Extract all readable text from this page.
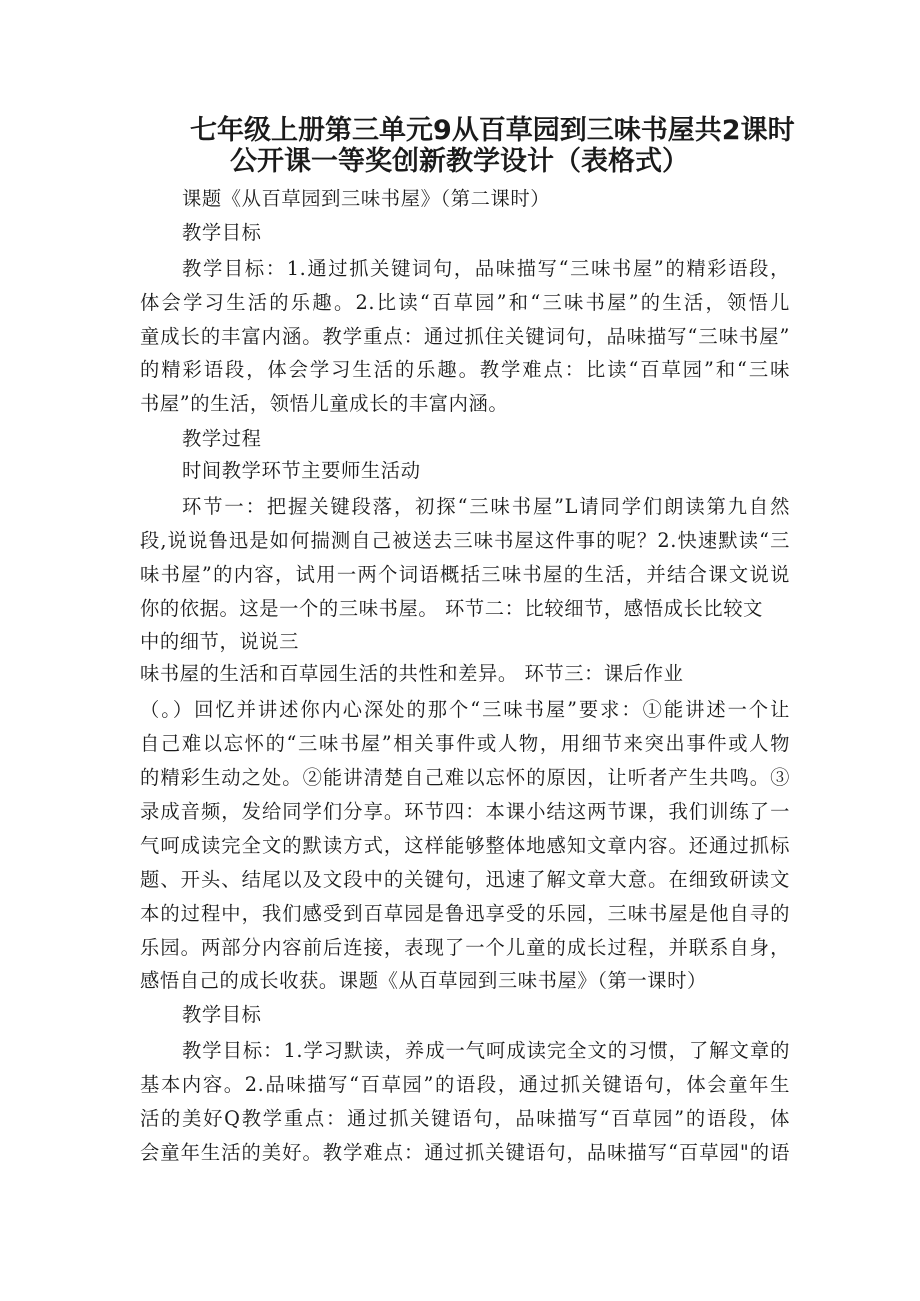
七年级上册第三单元9从百草园到三味书屋共2课时
公开课一等奖创新教学设计（表格式）
课题《从百草园到三味书屋》（第二课时）
教学目标
教学目标：1.通过抓关键词句，品味描写“三味书屋”的精彩语段，
体会学习生活的乐趣。2.比读“百草园”和“三味书屋”的生活，领悟儿
童成长的丰富内涵。教学重点：通过抓住关键词句，品味描写“三味书屋”
的精彩语段，体会学习生活的乐趣。教学难点：比读“百草园”和“三味
书屋”的生活，领悟儿童成长的丰富内涵。
教学过程
时间教学环节主要师生活动
环节一：把握关键段落，初探“三味书屋”L请同学们朗读第九自然
段,说说鲁迅是如何揣测自己被送去三味书屋这件事的呢？2.快速默读“三
味书屋”的内容，试用一两个词语概括三味书屋的生活，并结合课文说说
你的依据。这是一个的三味书屋。 环节二：比较细节，感悟成长比较文
中的细节，说说三
味书屋的生活和百草园生活的共性和差异。 环节三：课后作业
（。）回忆并讲述你内心深处的那个“三味书屋”要求：①能讲述一个让
自己难以忘怀的“三味书屋”相关事件或人物，用细节来突出事件或人物
的精彩生动之处。②能讲清楚自己难以忘怀的原因，让听者产生共鸣。③
录成音频，发给同学们分享。环节四：本课小结这两节课，我们训练了一
气呵成读完全文的默读方式，这样能够整体地感知文章内容。还通过抓标
题、开头、结尾以及文段中的关键句，迅速了解文章大意。在细致研读文
本的过程中，我们感受到百草园是鲁迅享受的乐园，三味书屋是他自寻的
乐园。两部分内容前后连接，表现了一个儿童的成长过程，并联系自身，
感悟自己的成长收获。课题《从百草园到三味书屋》（第一课时）
教学目标
教学目标：1.学习默读，养成一气呵成读完全文的习惯，了解文章的
基本内容。2.品味描写“百草园”的语段，通过抓关键语句，体会童年生
活的美好Q教学重点：通过抓关键语句，品味描写“百草园”的语段，体
会童年生活的美好。教学难点：通过抓关键语句，品味描写“百草园"的语
